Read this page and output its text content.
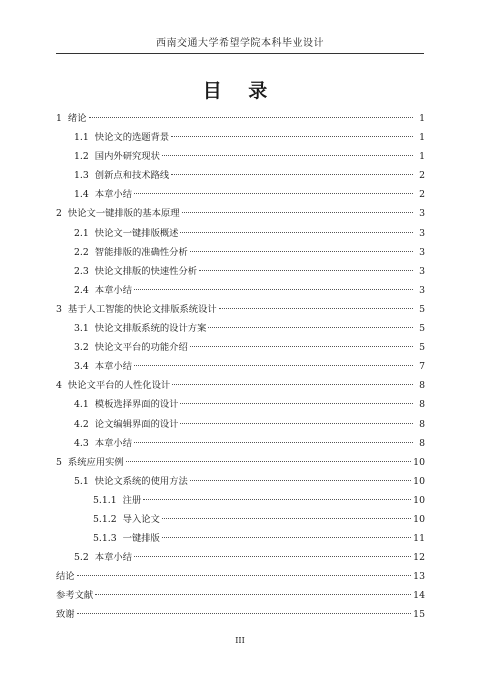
西南交通大学希望学院本科毕业设计
目 录
1 绪论	1
1.1 快论文的选题背景	1
1.2 国内外研究现状	1
1.3 创新点和技术路线	2
1.4 本章小结	2
2 快论文一键排版的基本原理	3
2.1 快论文一键排版概述	3
2.2 智能排版的准确性分析	3
2.3 快论文排版的快速性分析	3
2.4 本章小结	3
3 基于人工智能的快论文排版系统设计	5
3.1 快论文排版系统的设计方案	5
3.2 快论文平台的功能介绍	5
3.4 本章小结	7
4 快论文平台的人性化设计	8
4.1 模板选择界面的设计	8
4.2 论文编辑界面的设计	8
4.3 本章小结	8
5 系统应用实例	10
5.1 快论文系统的使用方法	10
5.1.1 注册	10
5.1.2 导入论文	10
5.1.3 一键排版	11
5.2 本章小结	12
结论	13
参考文献	14
致谢	15
III
